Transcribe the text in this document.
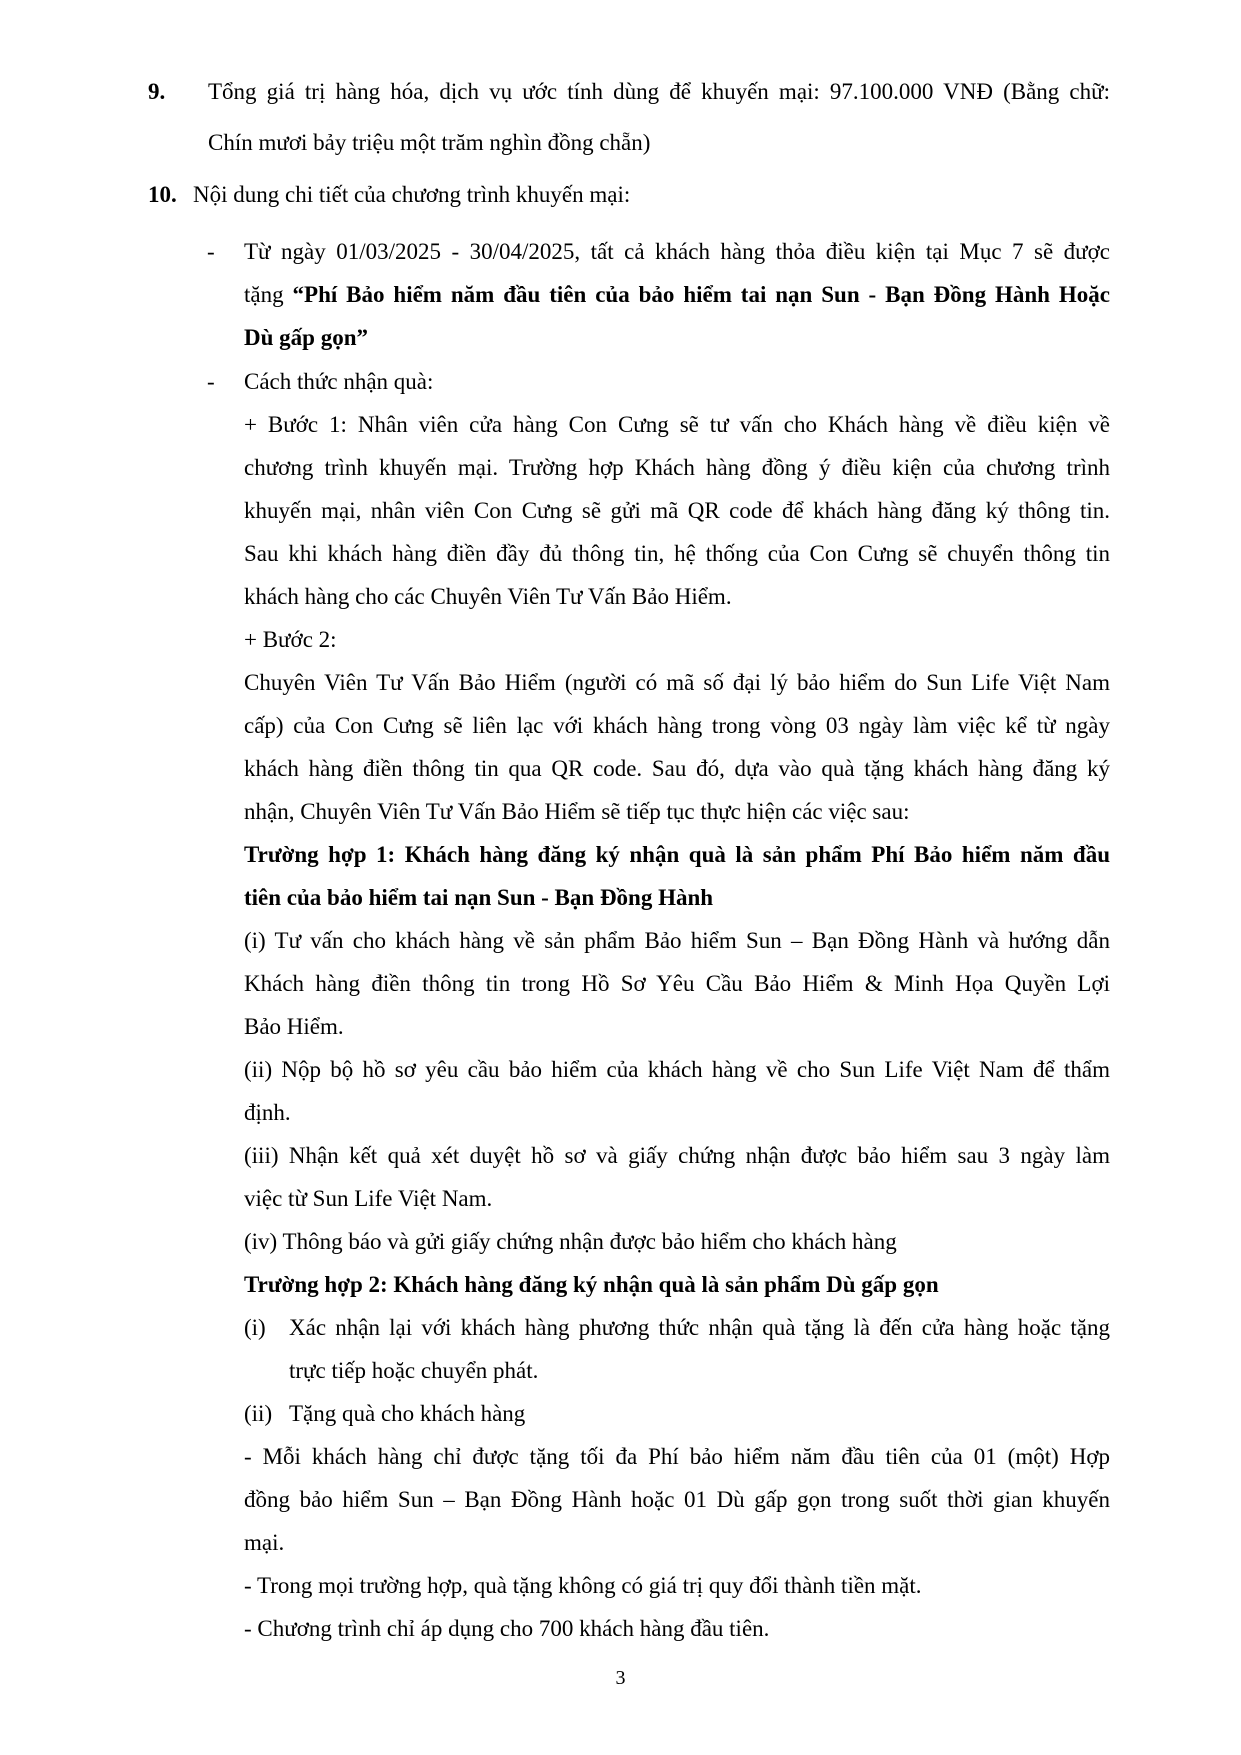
9. Tổng giá trị hàng hóa, dịch vụ ước tính dùng để khuyến mại: 97.100.000 VNĐ (Bằng chữ:
Chín mươi bảy triệu một trăm nghìn đồng chẵn)
10. Nội dung chi tiết của chương trình khuyến mại:
- Từ ngày 01/03/2025 - 30/04/2025, tất cả khách hàng thỏa điều kiện tại Mục 7 sẽ được
tặng “Phí Bảo hiểm năm đầu tiên của bảo hiểm tai nạn Sun - Bạn Đồng Hành Hoặc
Dù gấp gọn”
- Cách thức nhận quà:
+ Bước 1: Nhân viên cửa hàng Con Cưng sẽ tư vấn cho Khách hàng về điều kiện về
chương trình khuyến mại. Trường hợp Khách hàng đồng ý điều kiện của chương trình
khuyến mại, nhân viên Con Cưng sẽ gửi mã QR code để khách hàng đăng ký thông tin.
Sau khi khách hàng điền đầy đủ thông tin, hệ thống của Con Cưng sẽ chuyển thông tin
khách hàng cho các Chuyên Viên Tư Vấn Bảo Hiểm.
+ Bước 2:
Chuyên Viên Tư Vấn Bảo Hiểm (người có mã số đại lý bảo hiểm do Sun Life Việt Nam
cấp) của Con Cưng sẽ liên lạc với khách hàng trong vòng 03 ngày làm việc kể từ ngày
khách hàng điền thông tin qua QR code. Sau đó, dựa vào quà tặng khách hàng đăng ký
nhận, Chuyên Viên Tư Vấn Bảo Hiểm sẽ tiếp tục thực hiện các việc sau:
Trường hợp 1: Khách hàng đăng ký nhận quà là sản phẩm Phí Bảo hiểm năm đầu
tiên của bảo hiểm tai nạn Sun - Bạn Đồng Hành
(i) Tư vấn cho khách hàng về sản phẩm Bảo hiểm Sun – Bạn Đồng Hành và hướng dẫn
Khách hàng điền thông tin trong Hồ Sơ Yêu Cầu Bảo Hiểm & Minh Họa Quyền Lợi
Bảo Hiểm.
(ii) Nộp bộ hồ sơ yêu cầu bảo hiểm của khách hàng về cho Sun Life Việt Nam để thẩm
định.
(iii) Nhận kết quả xét duyệt hồ sơ và giấy chứng nhận được bảo hiểm sau 3 ngày làm
việc từ Sun Life Việt Nam.
(iv) Thông báo và gửi giấy chứng nhận được bảo hiểm cho khách hàng
Trường hợp 2: Khách hàng đăng ký nhận quà là sản phẩm Dù gấp gọn
(i) Xác nhận lại với khách hàng phương thức nhận quà tặng là đến cửa hàng hoặc tặng
trực tiếp hoặc chuyển phát.
(ii) Tặng quà cho khách hàng
- Mỗi khách hàng chỉ được tặng tối đa Phí bảo hiểm năm đầu tiên của 01 (một) Hợp
đồng bảo hiểm Sun – Bạn Đồng Hành hoặc 01 Dù gấp gọn trong suốt thời gian khuyến
mại.
- Trong mọi trường hợp, quà tặng không có giá trị quy đổi thành tiền mặt.
- Chương trình chỉ áp dụng cho 700 khách hàng đầu tiên.
3
